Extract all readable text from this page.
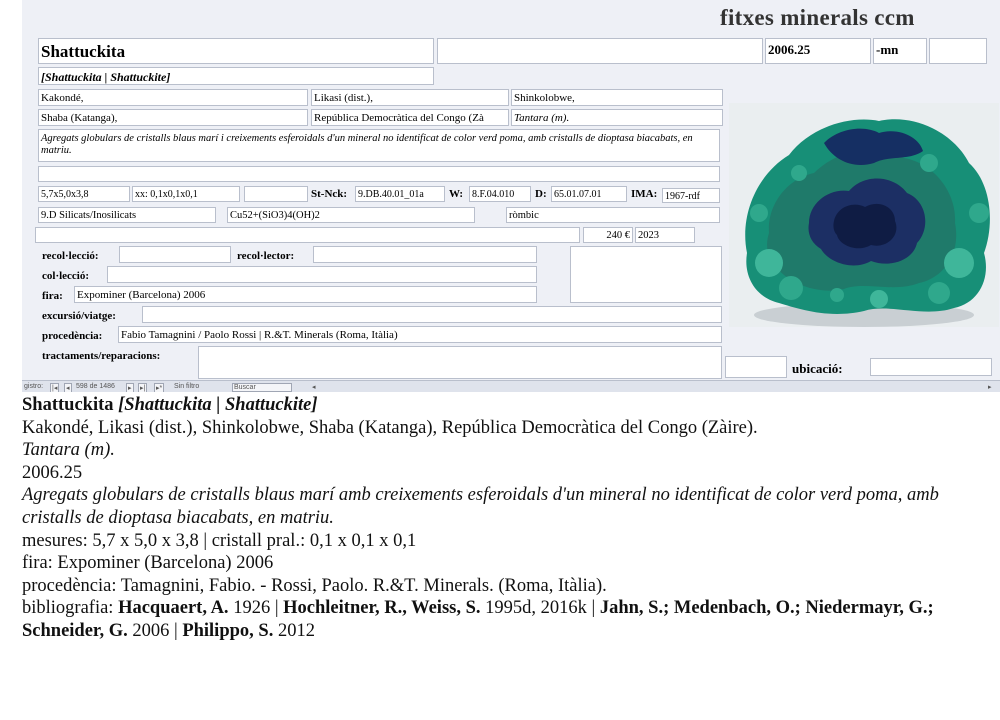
fitxes minerals ccm
Shattuckita	2006.25	-mn
[Shattuckita | Shattuckite]
Kakondé,	Likasi (dist.),	Shinkolobwe,
Shaba (Katanga),	República Democràtica del Congo (Zà	Tantara (m).
Agregats globulars de cristalls blaus marí i creixements esferoidals d'un mineral no identificat de color verd poma, amb cristalls de dioptasa biacabats, en matriu.
5,7x5,0x3,8	xx: 0,1x0,1x0,1	St-Nck:	9.DB.40.01_01a	W: 8.F.04.010	D: 65.01.07.01	IMA: 1967-rdf
9.D Silicats/Inosilicats	Cu52+(SiO3)4(OH)2	ròmbic
240 € 2023
recol·lecció:	recol·lector:
col·lecció:
fira: Expominer (Barcelona) 2006
excursió/viatge:
procedència: Fabio Tamagnini / Paolo Rossi | R.&T. Minerals (Roma, Itàlia)
tractaments/reparacions:
ubicació:
gistro: |◂ ◂ 598 de 1486 ▸ ▸| ▸* Sin filtro	Buscar	◂	▸
Shattuckita [Shattuckita | Shattuckite]
Kakondé, Likasi (dist.), Shinkolobwe, Shaba (Katanga), República Democràtica del Congo (Zàire).
Tantara (m).
2006.25
Agregats globulars de cristalls blaus marí amb creixements esferoidals d'un mineral no identificat de color verd poma, amb cristalls de dioptasa biacabats, en matriu.
mesures: 5,7 x 5,0 x 3,8 | cristall pral.: 0,1 x 0,1 x 0,1
fira: Expominer (Barcelona) 2006
procedència: Tamagnini, Fabio. - Rossi, Paolo. R.&T. Minerals. (Roma, Itàlia).
bibliografia: Hacquaert, A. 1926 | Hochleitner, R., Weiss, S. 1995d, 2016k | Jahn, S.; Medenbach, O.; Niedermayr, G.; Schneider, G. 2006 | Philippo, S. 2012
